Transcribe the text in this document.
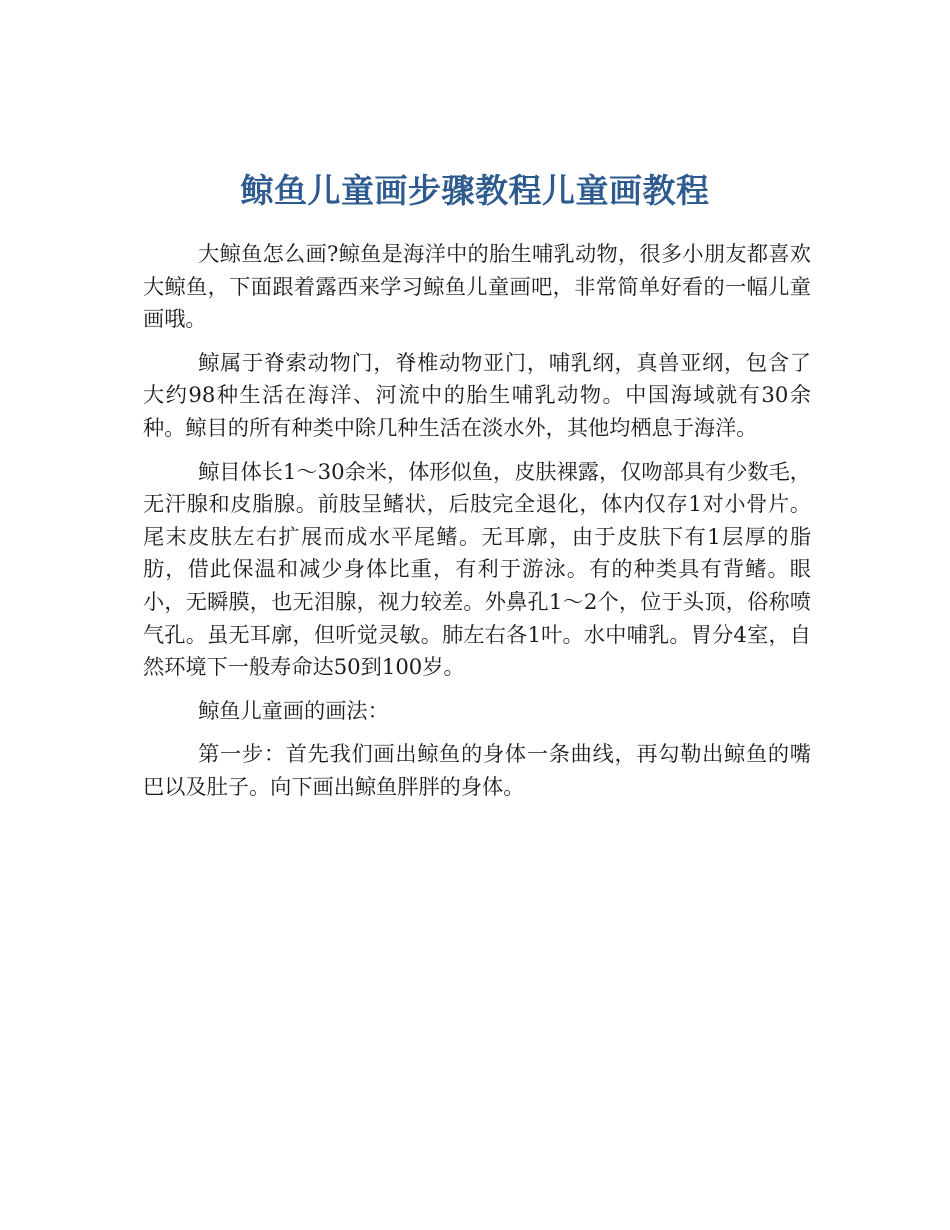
鲸鱼儿童画步骤教程儿童画教程

大鲸鱼怎么画?鲸鱼是海洋中的胎生哺乳动物，很多小朋友都喜欢大鲸鱼，下面跟着露西来学习鲸鱼儿童画吧，非常简单好看的一幅儿童画哦。

鲸属于脊索动物门，脊椎动物亚门，哺乳纲，真兽亚纲，包含了大约98种生活在海洋、河流中的胎生哺乳动物。中国海域就有30余种。鲸目的所有种类中除几种生活在淡水外，其他均栖息于海洋。

鲸目体长1～30余米，体形似鱼，皮肤裸露，仅吻部具有少数毛，无汗腺和皮脂腺。前肢呈鳍状，后肢完全退化，体内仅存1对小骨片。尾末皮肤左右扩展而成水平尾鳍。无耳廓，由于皮肤下有1层厚的脂肪，借此保温和减少身体比重，有利于游泳。有的种类具有背鳍。眼小，无瞬膜，也无泪腺，视力较差。外鼻孔1～2个，位于头顶，俗称喷气孔。虽无耳廓，但听觉灵敏。肺左右各1叶。水中哺乳。胃分4室，自然环境下一般寿命达50到100岁。

鲸鱼儿童画的画法：

第一步：首先我们画出鲸鱼的身体一条曲线，再勾勒出鲸鱼的嘴巴以及肚子。向下画出鲸鱼胖胖的身体。
